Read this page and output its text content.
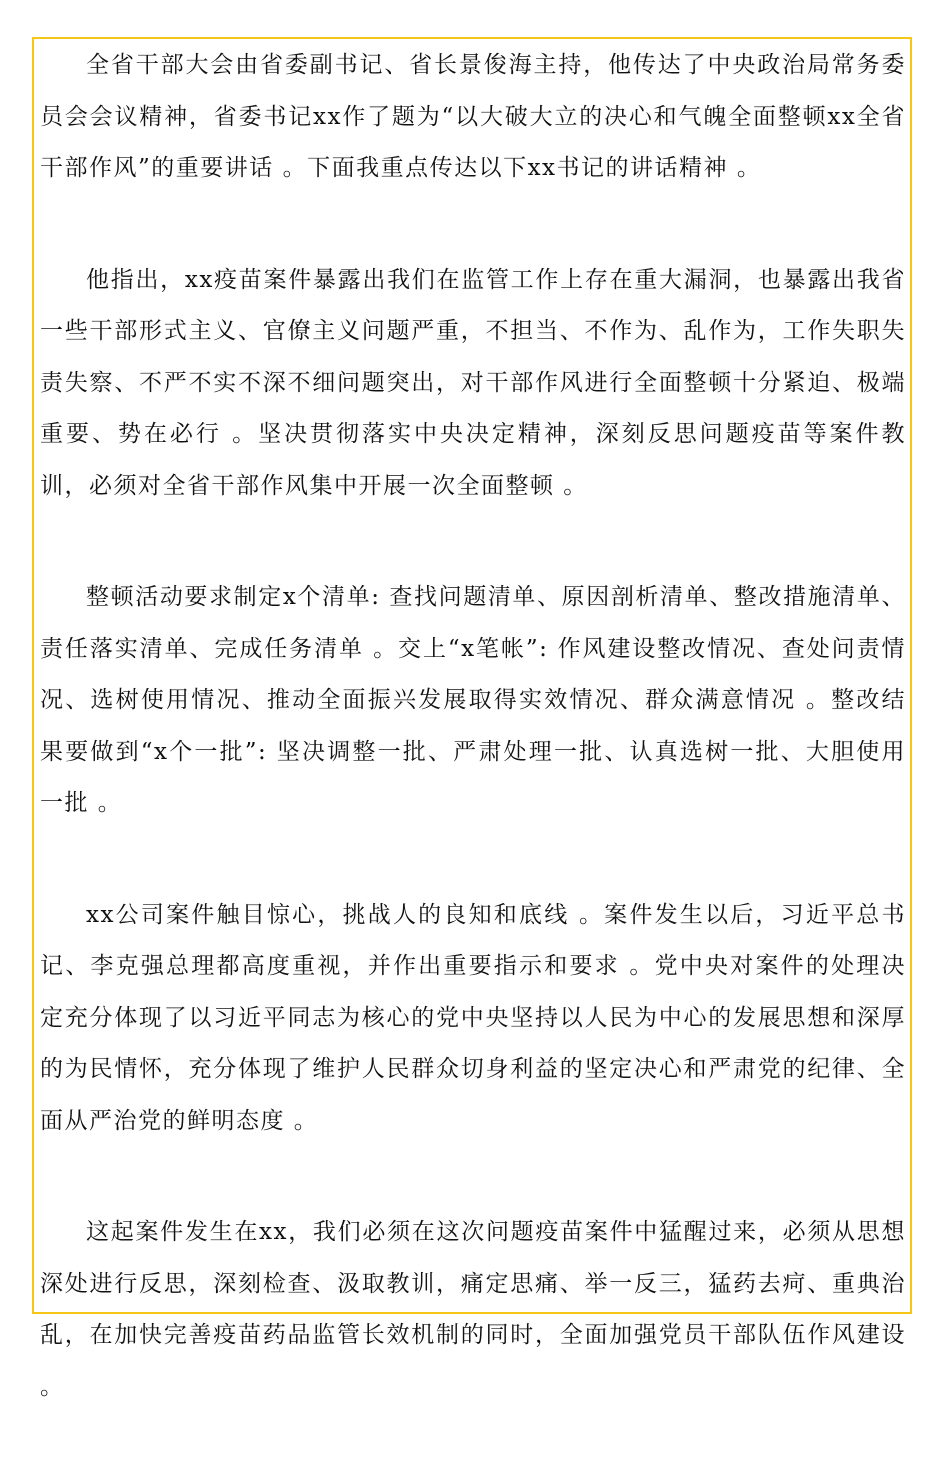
全省干部大会由省委副书记、省长景俊海主持，他传达了中央政治局常务委员会会议精神，省委书记xx作了题为“以大破大立的决心和气魄全面整顿xx全省干部作风”的重要讲话 。下面我重点传达以下xx书记的讲话精神 。

他指出，xx疫苗案件暴露出我们在监管工作上存在重大漏洞，也暴露出我省一些干部形式主义、官僚主义问题严重，不担当、不作为、乱作为，工作失职失责失察、不严不实不深不细问题突出，对干部作风进行全面整顿十分紧迫、极端重要、势在必行 。坚决贯彻落实中央决定精神，深刻反思问题疫苗等案件教训，必须对全省干部作风集中开展一次全面整顿 。

整顿活动要求制定x个清单: 查找问题清单、原因剖析清单、整改措施清单、责任落实清单、完成任务清单 。交上“x笔帐”: 作风建设整改情况、查处问责情况、选树使用情况、推动全面振兴发展取得实效情况、群众满意情况 。整改结果要做到“x个一批”: 坚决调整一批、严肃处理一批、认真选树一批、大胆使用一批 。

xx公司案件触目惊心，挑战人的良知和底线 。案件发生以后，习近平总书记、李克强总理都高度重视，并作出重要指示和要求 。党中央对案件的处理决定充分体现了以习近平同志为核心的党中央坚持以人民为中心的发展思想和深厚的为民情怀，充分体现了维护人民群众切身利益的坚定决心和严肃党的纪律、全面从严治党的鲜明态度 。

这起案件发生在xx，我们必须在这次问题疫苗案件中猛醒过来，必须从思想深处进行反思，深刻检查、汲取教训，痛定思痛、举一反三，猛药去疴、重典治乱，在加快完善疫苗药品监管长效机制的同时，全面加强党员干部队伍作风建设 。
